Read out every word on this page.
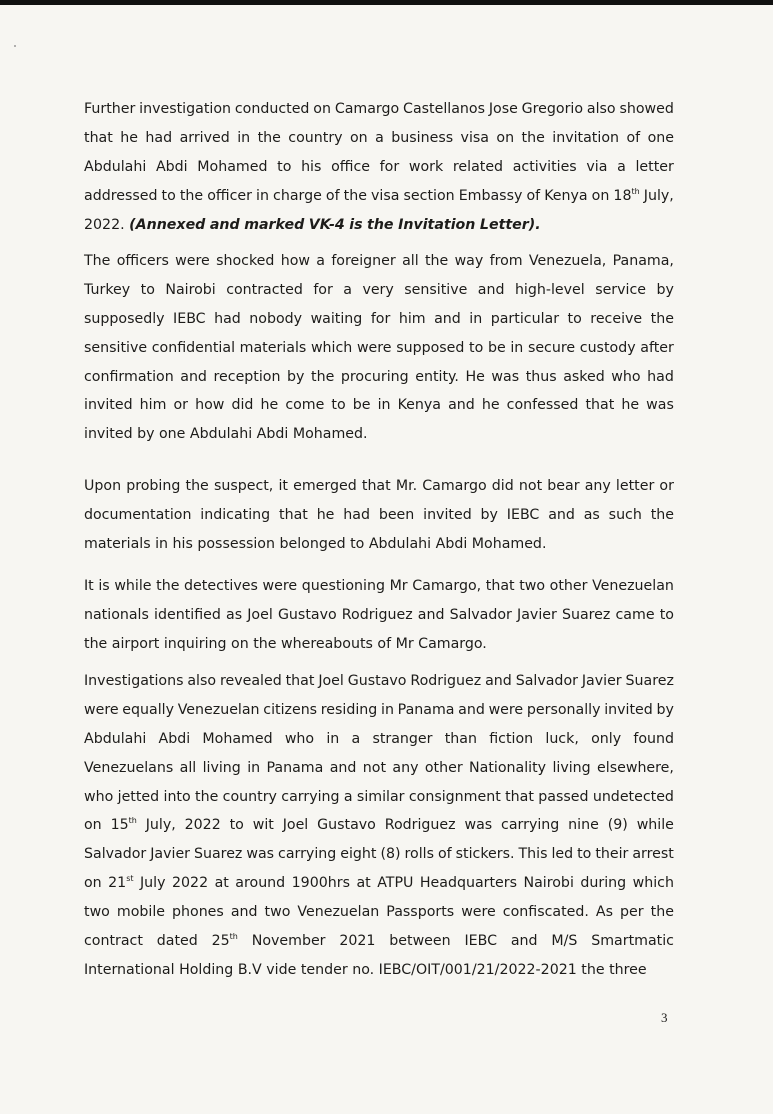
Further investigation conducted on Camargo Castellanos Jose Gregorio also showed
that he had arrived in the country on a business visa on the invitation of one
Abdulahi Abdi Mohamed to his office for work related activities via a letter
addressed to the officer in charge of the visa section Embassy of Kenya on 18th July,
2022. (Annexed and marked VK-4 is the Invitation Letter).
The officers were shocked how a foreigner all the way from Venezuela, Panama,
Turkey to Nairobi contracted for a very sensitive and high-level service by
supposedly IEBC had nobody waiting for him and in particular to receive the
sensitive confidential materials which were supposed to be in secure custody after
confirmation and reception by the procuring entity. He was thus asked who had
invited him or how did he come to be in Kenya and he confessed that he was
invited by one Abdulahi Abdi Mohamed.
Upon probing the suspect, it emerged that Mr. Camargo did not bear any letter or
documentation indicating that he had been invited by IEBC and as such the
materials in his possession belonged to Abdulahi Abdi Mohamed.
It is while the detectives were questioning Mr Camargo, that two other Venezuelan
nationals identified as Joel Gustavo Rodriguez and Salvador Javier Suarez came to
the airport inquiring on the whereabouts of Mr Camargo.
Investigations also revealed that Joel Gustavo Rodriguez and Salvador Javier Suarez
were equally Venezuelan citizens residing in Panama and were personally invited by
Abdulahi Abdi Mohamed who in a stranger than fiction luck, only found
Venezuelans all living in Panama and not any other Nationality living elsewhere,
who jetted into the country carrying a similar consignment that passed undetected
on 15th July, 2022 to wit Joel Gustavo Rodriguez was carrying nine (9) while
Salvador Javier Suarez was carrying eight (8) rolls of stickers. This led to their arrest
on 21st July 2022 at around 1900hrs at ATPU Headquarters Nairobi during which
two mobile phones and two Venezuelan Passports were confiscated. As per the
contract dated 25th November 2021 between IEBC and M/S Smartmatic
International Holding B.V vide tender no. IEBC/OIT/001/21/2022-2021 the three
3
